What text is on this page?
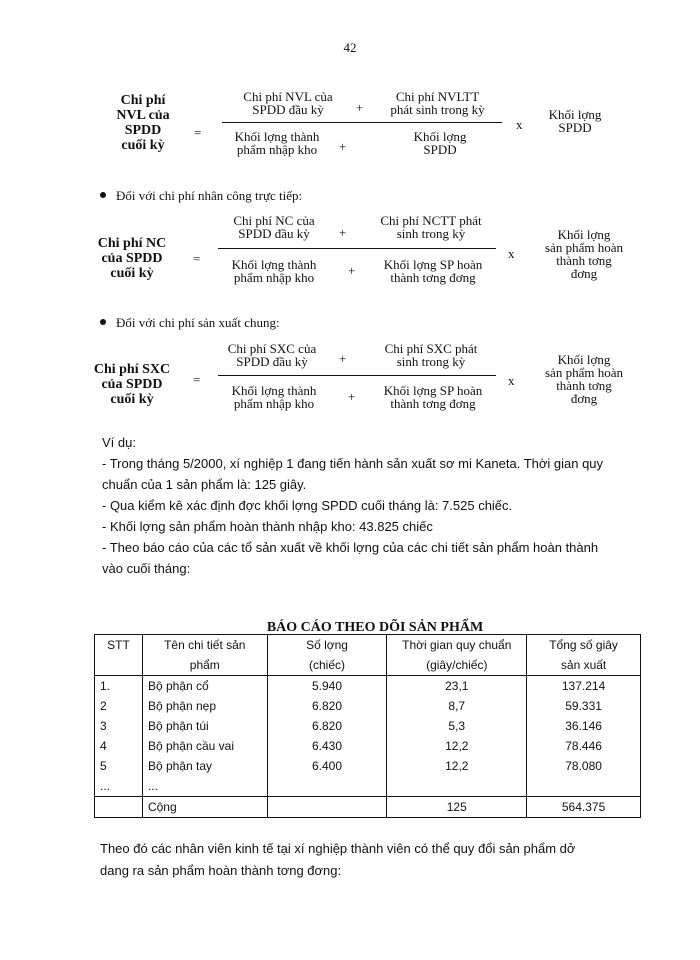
42
Chi phí
NVL của
SPDD
cuối kỳ
=
Chi phí NVL của
SPDD đầu kỳ	+
Chi phí NVLTT
phát sinh trong kỳ
Khối lợng thành
phẩm nhập kho	+
Khối lợng
SPDD
x
Khối lợng
SPDD
Đối với chi phí nhân công trực tiếp:
Chi phí NC
của SPDD
cuối kỳ
=
Chi phí NC của
SPDD đầu kỳ	+
Chi phí NCTT phát
sinh trong kỳ
Khối lợng thành
phẩm nhập kho	+	Khối lợng SP hoàn
thành tơng đơng
x
Khối lợng
sản phẩm hoàn
thành tơng
đơng
Đối với chi phí sản xuất chung:
Chi phí SXC
của SPDD
cuối kỳ
=
Chi phí SXC của
SPDD đầu kỳ	+
Chi phí SXC phát
sinh trong kỳ
Khối lợng thành
phẩm nhập kho	+	Khối lợng SP hoàn
thành tơng đơng
x
Khối lợng
sản phẩm hoàn
thành tơng
đơng
Ví dụ:
- Trong tháng 5/2000, xí nghiệp 1 đang tiến hành sản xuất sơ mi Kaneta. Thời gian quy
chuẩn của 1 sản phẩm là: 125 giây.
- Qua kiểm kê xác định đợc khối lợng SPDD cuối tháng là: 7.525 chiếc.
- Khối lợng sản phẩm hoàn thành nhập kho: 43.825 chiếc
- Theo báo cáo của các tổ sản xuất về khối lợng của các chi tiết sản phẩm hoàn thành
vào cuối tháng:
BÁO CÁO THEO DÕI SẢN PHẨM
STT	Tên chi tiết sản	Số lợng	Thời gian quy chuẩn	Tổng số giây
	phẩm	(chiếc)	(giây/chiếc)	sản xuất
1.	Bộ phận cổ	5.940	23,1	137.214
2	Bộ phận nẹp	6.820	8,7	59.331
3	Bộ phận túi	6.820	5,3	36.146
4	Bộ phận cầu vai	6.430	12,2	78.446
5	Bộ phận tay	6.400	12,2	78.080
...	...			
	Cộng		125	564.375
Theo đó các nhân viên kinh tế tại xí nghiệp thành viên có thể quy đổi sản phẩm dở
dang ra sản phẩm hoàn thành tơng đơng:
